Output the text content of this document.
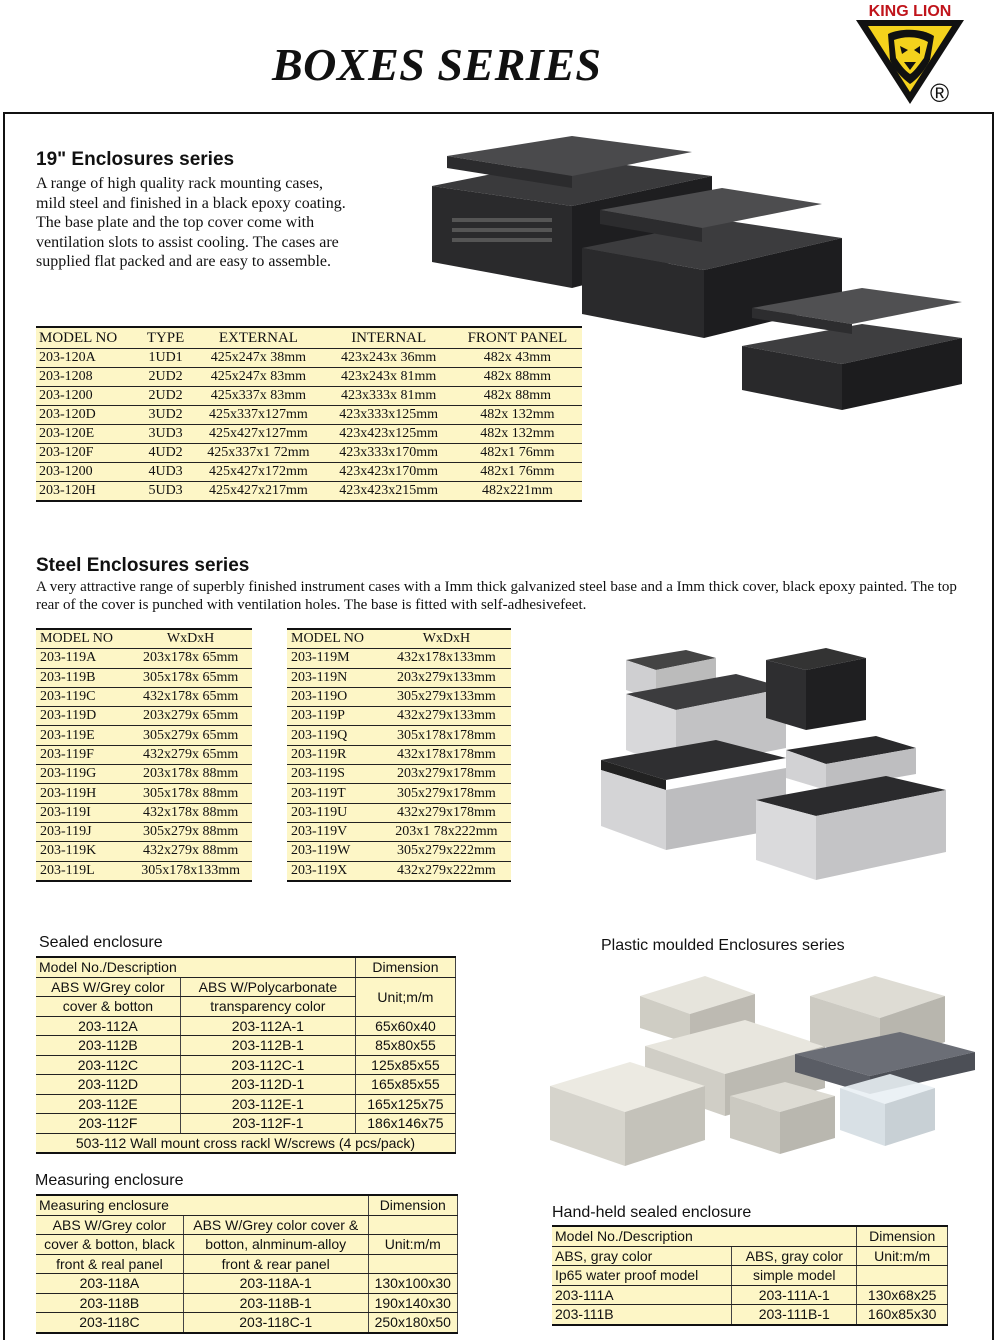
BOXES SERIES
KING LION
®
19" Enclosures series
A range of high quality rack mounting cases, mild steel and finished in a black epoxy coating. The base plate and the top cover come with ventilation slots to assist cooling. The cases are supplied flat packed and are easy to assemble.
MODEL NO	TYPE	EXTERNAL	INTERNAL	FRONT PANEL
203-120A	1UD1	425x247x 38mm	423x243x 36mm	482x 43mm
203-1208	2UD2	425x247x 83mm	423x243x 81mm	482x 88mm
203-1200	2UD2	425x337x 83mm	423x333x 81mm	482x 88mm
203-120D	3UD2	425x337x127mm	423x333x125mm	482x 132mm
203-120E	3UD3	425x427x127mm	423x423x125mm	482x 132mm
203-120F	4UD2	425x337x1 72mm	423x333x170mm	482x1 76mm
203-1200	4UD3	425x427x172mm	423x423x170mm	482x1 76mm
203-120H	5UD3	425x427x217mm	423x423x215mm	482x221mm
Steel Enclosures series
A very attractive range of superbly finished instrument cases with a Imm thick galvanized steel base and a Imm thick cover, black epoxy painted. The top rear of the cover is punched with ventilation holes. The base is fitted with self-adhesivefeet.
MODEL NO	WxDxH
203-119A	203x178x 65mm
203-119B	305x178x 65mm
203-119C	432x178x 65mm
203-119D	203x279x 65mm
203-119E	305x279x 65mm
203-119F	432x279x 65mm
203-119G	203x178x 88mm
203-119H	305x178x 88mm
203-119I	432x178x 88mm
203-119J	305x279x 88mm
203-119K	432x279x 88mm
203-119L	305x178x133mm
MODEL NO	WxDxH
203-119M	432x178x133mm
203-119N	203x279x133mm
203-119O	305x279x133mm
203-119P	432x279x133mm
203-119Q	305x178x178mm
203-119R	432x178x178mm
203-119S	203x279x178mm
203-119T	305x279x178mm
203-119U	432x279x178mm
203-119V	203x1 78x222mm
203-119W	305x279x222mm
203-119X	432x279x222mm
Sealed enclosure
Model No./Description		Dimension
ABS W/Grey color	ABS W/Polycarbonate	Unit;m/m
cover & botton	transparency color	
203-112A	203-112A-1	65x60x40
203-112B	203-112B-1	85x80x55
203-112C	203-112C-1	125x85x55
203-112D	203-112D-1	165x85x55
203-112E	203-112E-1	165x125x75
203-112F	203-112F-1	186x146x75
503-112 Wall mount cross rackl W/screws (4 pcs/pack)		
Plastic moulded Enclosures series
Measuring enclosure
Measuring enclosure		Dimension
ABS W/Grey color	ABS W/Grey color cover &	
cover & botton, black	botton, alnminum-alloy	Unit:m/m
front & real panel	front & rear panel	
203-118A	203-118A-1	130x100x30
203-118B	203-118B-1	190x140x30
203-118C	203-118C-1	250x180x50
Hand-held sealed enclosure
Model No./Description		Dimension
ABS, gray color	ABS, gray color	Unit:m/m
Ip65 water proof model	simple model	
203-111A	203-111A-1	130x68x25
203-111B	203-111B-1	160x85x30
